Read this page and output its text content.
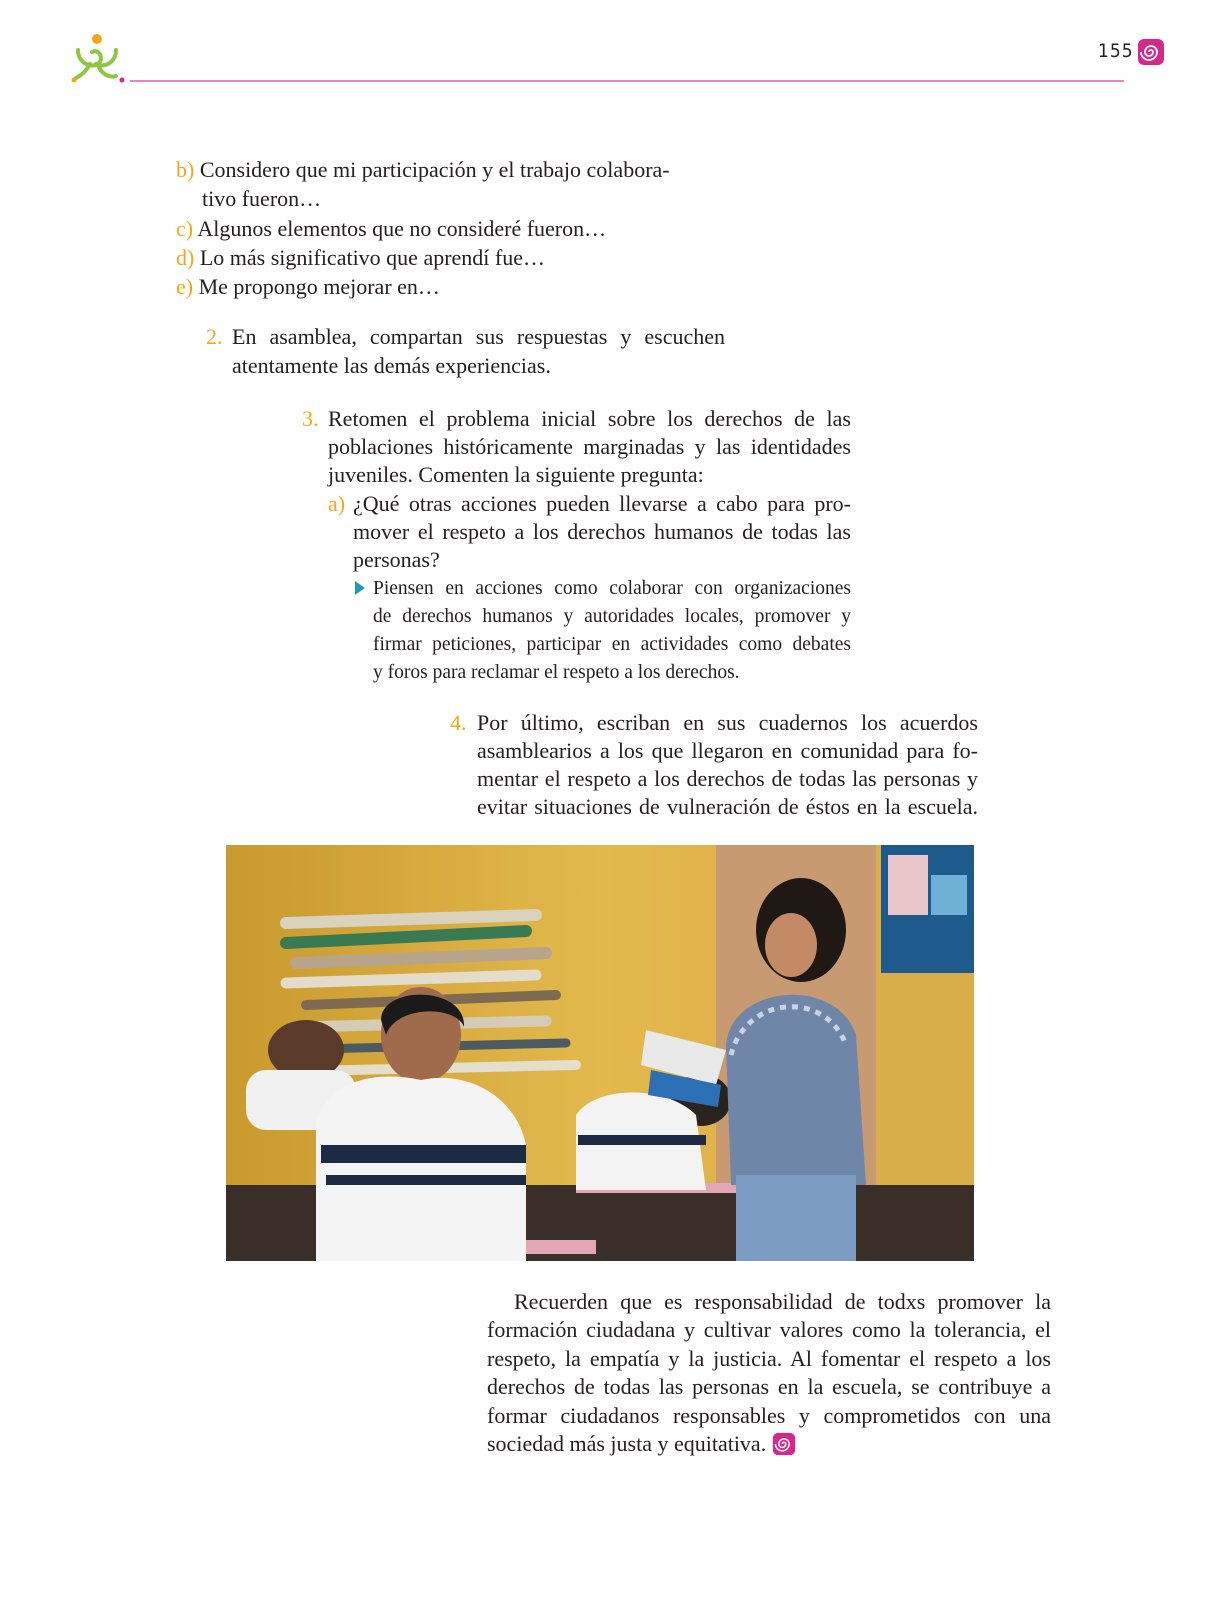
155
b) Considero que mi participación y el trabajo colabora-
tivo fueron…
c) Algunos elementos que no consideré fueron…
d) Lo más significativo que aprendí fue…
e) Me propongo mejorar en…
2. En asamblea, compartan sus respuestas y escuchen
atentamente las demás experiencias.
3. Retomen el problema inicial sobre los derechos de las
poblaciones históricamente marginadas y las identidades
juveniles. Comenten la siguiente pregunta:
a) ¿Qué otras acciones pueden llevarse a cabo para pro-
mover el respeto a los derechos humanos de todas las
personas?
Piensen en acciones como colaborar con organizaciones
de derechos humanos y autoridades locales, promover y
firmar peticiones, participar en actividades como debates
y foros para reclamar el respeto a los derechos.
4. Por último, escriban en sus cuadernos los acuerdos
asamblearios a los que llegaron en comunidad para fo-
mentar el respeto a los derechos de todas las personas y
evitar situaciones de vulneración de éstos en la escuela.
Recuerden que es responsabilidad de todxs promover la
formación ciudadana y cultivar valores como la tolerancia, el
respeto, la empatía y la justicia. Al fomentar el respeto a los
derechos de todas las personas en la escuela, se contribuye a
formar ciudadanos responsables y comprometidos con una
sociedad más justa y equitativa.
